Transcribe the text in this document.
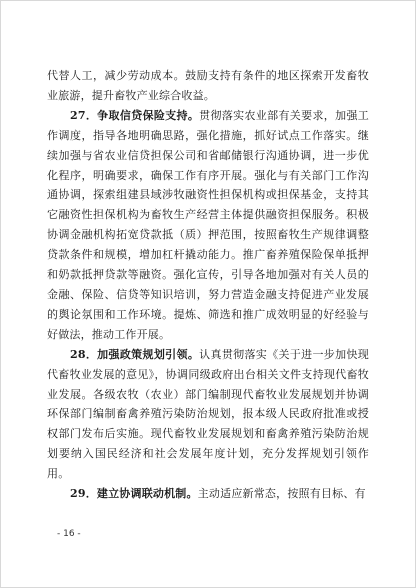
代替人工，减少劳动成本。鼓励支持有条件的地区探索开发畜牧业旅游，提升畜牧产业综合收益。

27．争取信贷保险支持。贯彻落实农业部有关要求，加强工作调度，指导各地明确思路，强化措施，抓好试点工作落实。继续加强与省农业信贷担保公司和省邮储银行沟通协调，进一步优化程序，明确要求，确保工作有序开展。强化与有关部门工作沟通协调，探索组建县域涉牧融资性担保机构或担保基金，支持其它融资性担保机构为畜牧生产经营主体提供融资担保服务。积极协调金融机构拓宽贷款抵（质）押范围，按照畜牧生产规律调整贷款条件和规模，增加杠杆撬动能力。推广畜养殖保险保单抵押和奶款抵押贷款等融资。强化宣传，引导各地加强对有关人员的金融、保险、信贷等知识培训，努力营造金融支持促进产业发展的舆论氛围和工作环境。提炼、筛选和推广成效明显的好经验与好做法，推动工作开展。

28．加强政策规划引领。认真贯彻落实《关于进一步加快现代畜牧业发展的意见》，协调同级政府出台相关文件支持现代畜牧业发展。各级农牧（农业）部门编制现代畜牧业发展规划并协调环保部门编制畜禽养殖污染防治规划，报本级人民政府批准或授权部门发布后实施。现代畜牧业发展规划和畜禽养殖污染防治规划要纳入国民经济和社会发展年度计划，充分发挥规划引领作用。

29．建立协调联动机制。主动适应新常态，按照有目标、有

- 16 -
